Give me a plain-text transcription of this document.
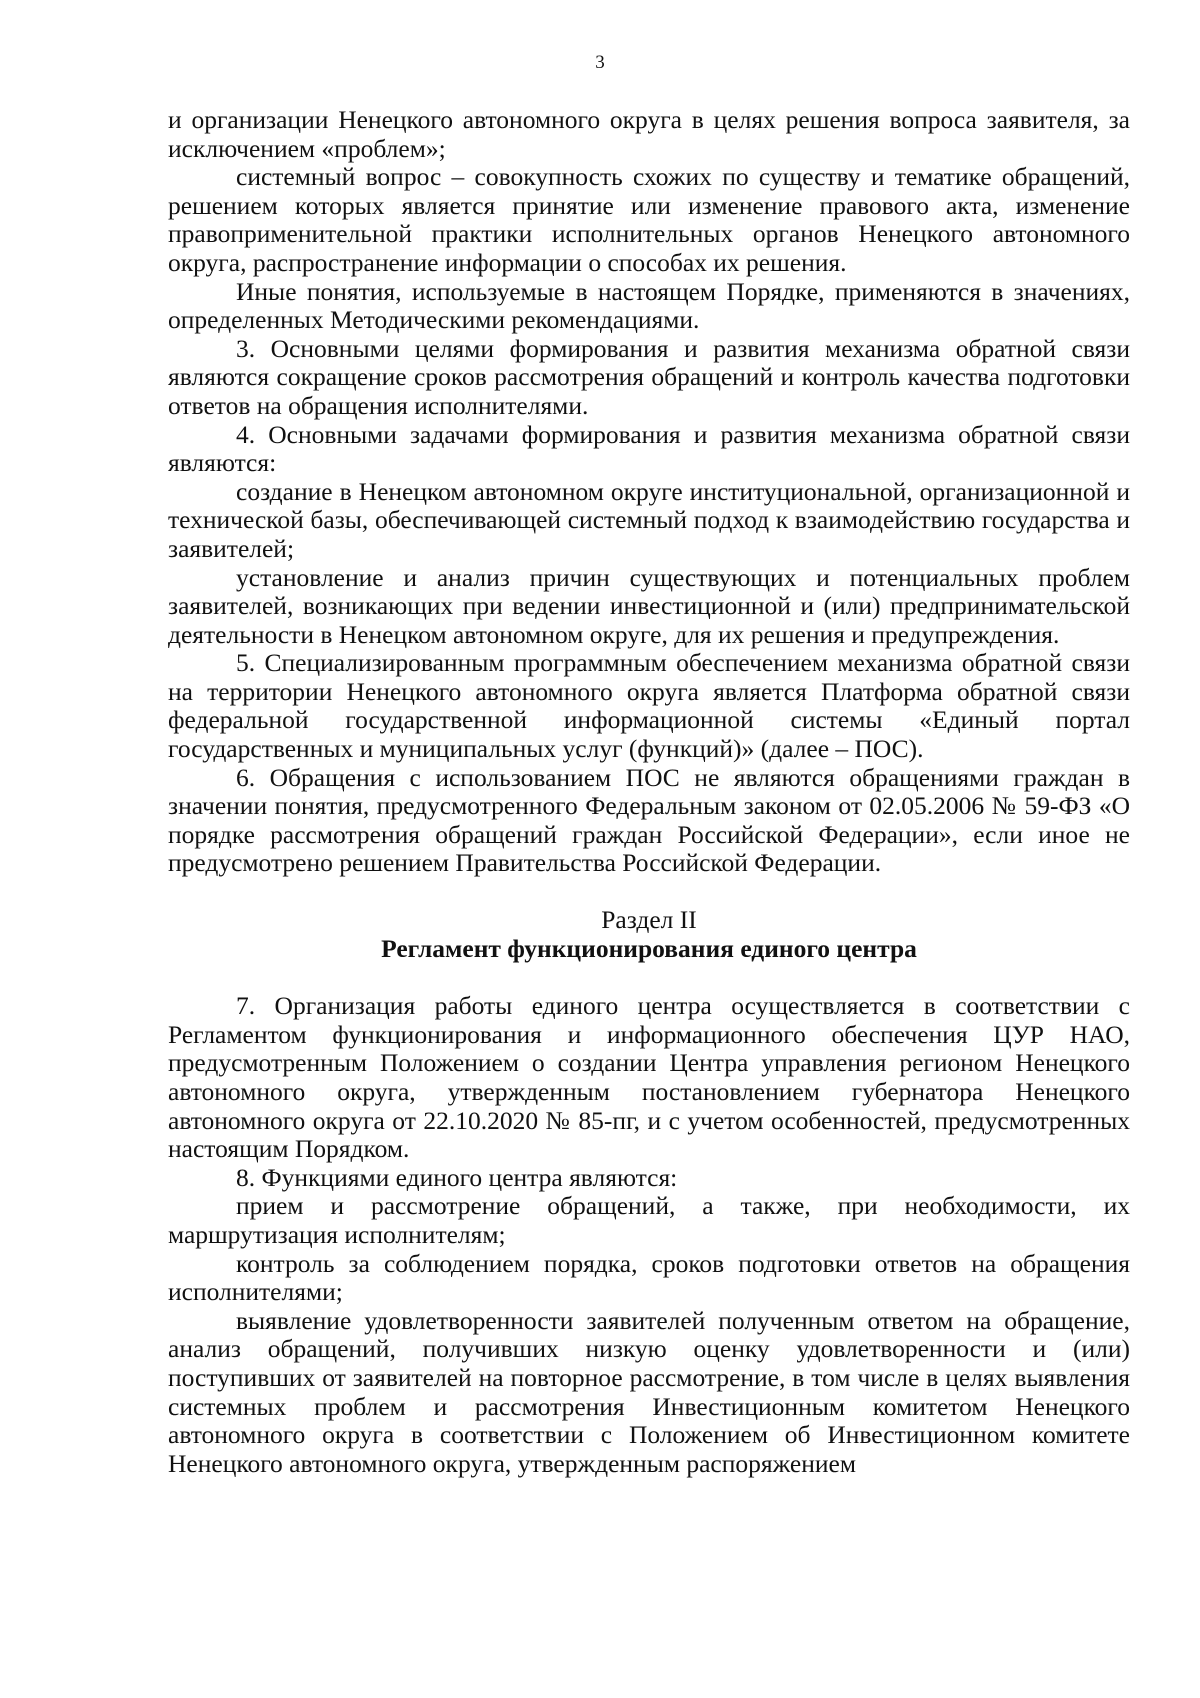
3

и организации Ненецкого автономного округа в целях решения вопроса заявителя, за исключением «проблем»;

системный вопрос – совокупность схожих по существу и тематике обращений, решением которых является принятие или изменение правового акта, изменение правоприменительной практики исполнительных органов Ненецкого автономного округа, распространение информации о способах их решения.

Иные понятия, используемые в настоящем Порядке, применяются в значениях, определенных Методическими рекомендациями.

3. Основными целями формирования и развития механизма обратной связи являются сокращение сроков рассмотрения обращений и контроль качества подготовки ответов на обращения исполнителями.

4. Основными задачами формирования и развития механизма обратной связи являются:

создание в Ненецком автономном округе институциональной, организационной и технической базы, обеспечивающей системный подход к взаимодействию государства и заявителей;

установление и анализ причин существующих и потенциальных проблем заявителей, возникающих при ведении инвестиционной и (или) предпринимательской деятельности в Ненецком автономном округе, для их решения и предупреждения.

5. Специализированным программным обеспечением механизма обратной связи на территории Ненецкого автономного округа является Платформа обратной связи федеральной государственной информационной системы «Единый портал государственных и муниципальных услуг (функций)» (далее – ПОС).

6. Обращения с использованием ПОС не являются обращениями граждан в значении понятия, предусмотренного Федеральным законом от 02.05.2006 № 59-ФЗ «О порядке рассмотрения обращений граждан Российской Федерации», если иное не предусмотрено решением Правительства Российской Федерации.

Раздел II

Регламент функционирования единого центра

7. Организация работы единого центра осуществляется в соответствии с Регламентом функционирования и информационного обеспечения ЦУР НАО, предусмотренным Положением о создании Центра управления регионом Ненецкого автономного округа, утвержденным постановлением губернатора Ненецкого автономного округа от 22.10.2020 № 85-пг, и с учетом особенностей, предусмотренных настоящим Порядком.

8. Функциями единого центра являются:

прием и рассмотрение обращений, а также, при необходимости, их маршрутизация исполнителям;

контроль за соблюдением порядка, сроков подготовки ответов на обращения исполнителями;

выявление удовлетворенности заявителей полученным ответом на обращение, анализ обращений, получивших низкую оценку удовлетворенности и (или) поступивших от заявителей на повторное рассмотрение, в том числе в целях выявления системных проблем и рассмотрения Инвестиционным комитетом Ненецкого автономного округа в соответствии с Положением об Инвестиционном комитете Ненецкого автономного округа, утвержденным распоряжением
